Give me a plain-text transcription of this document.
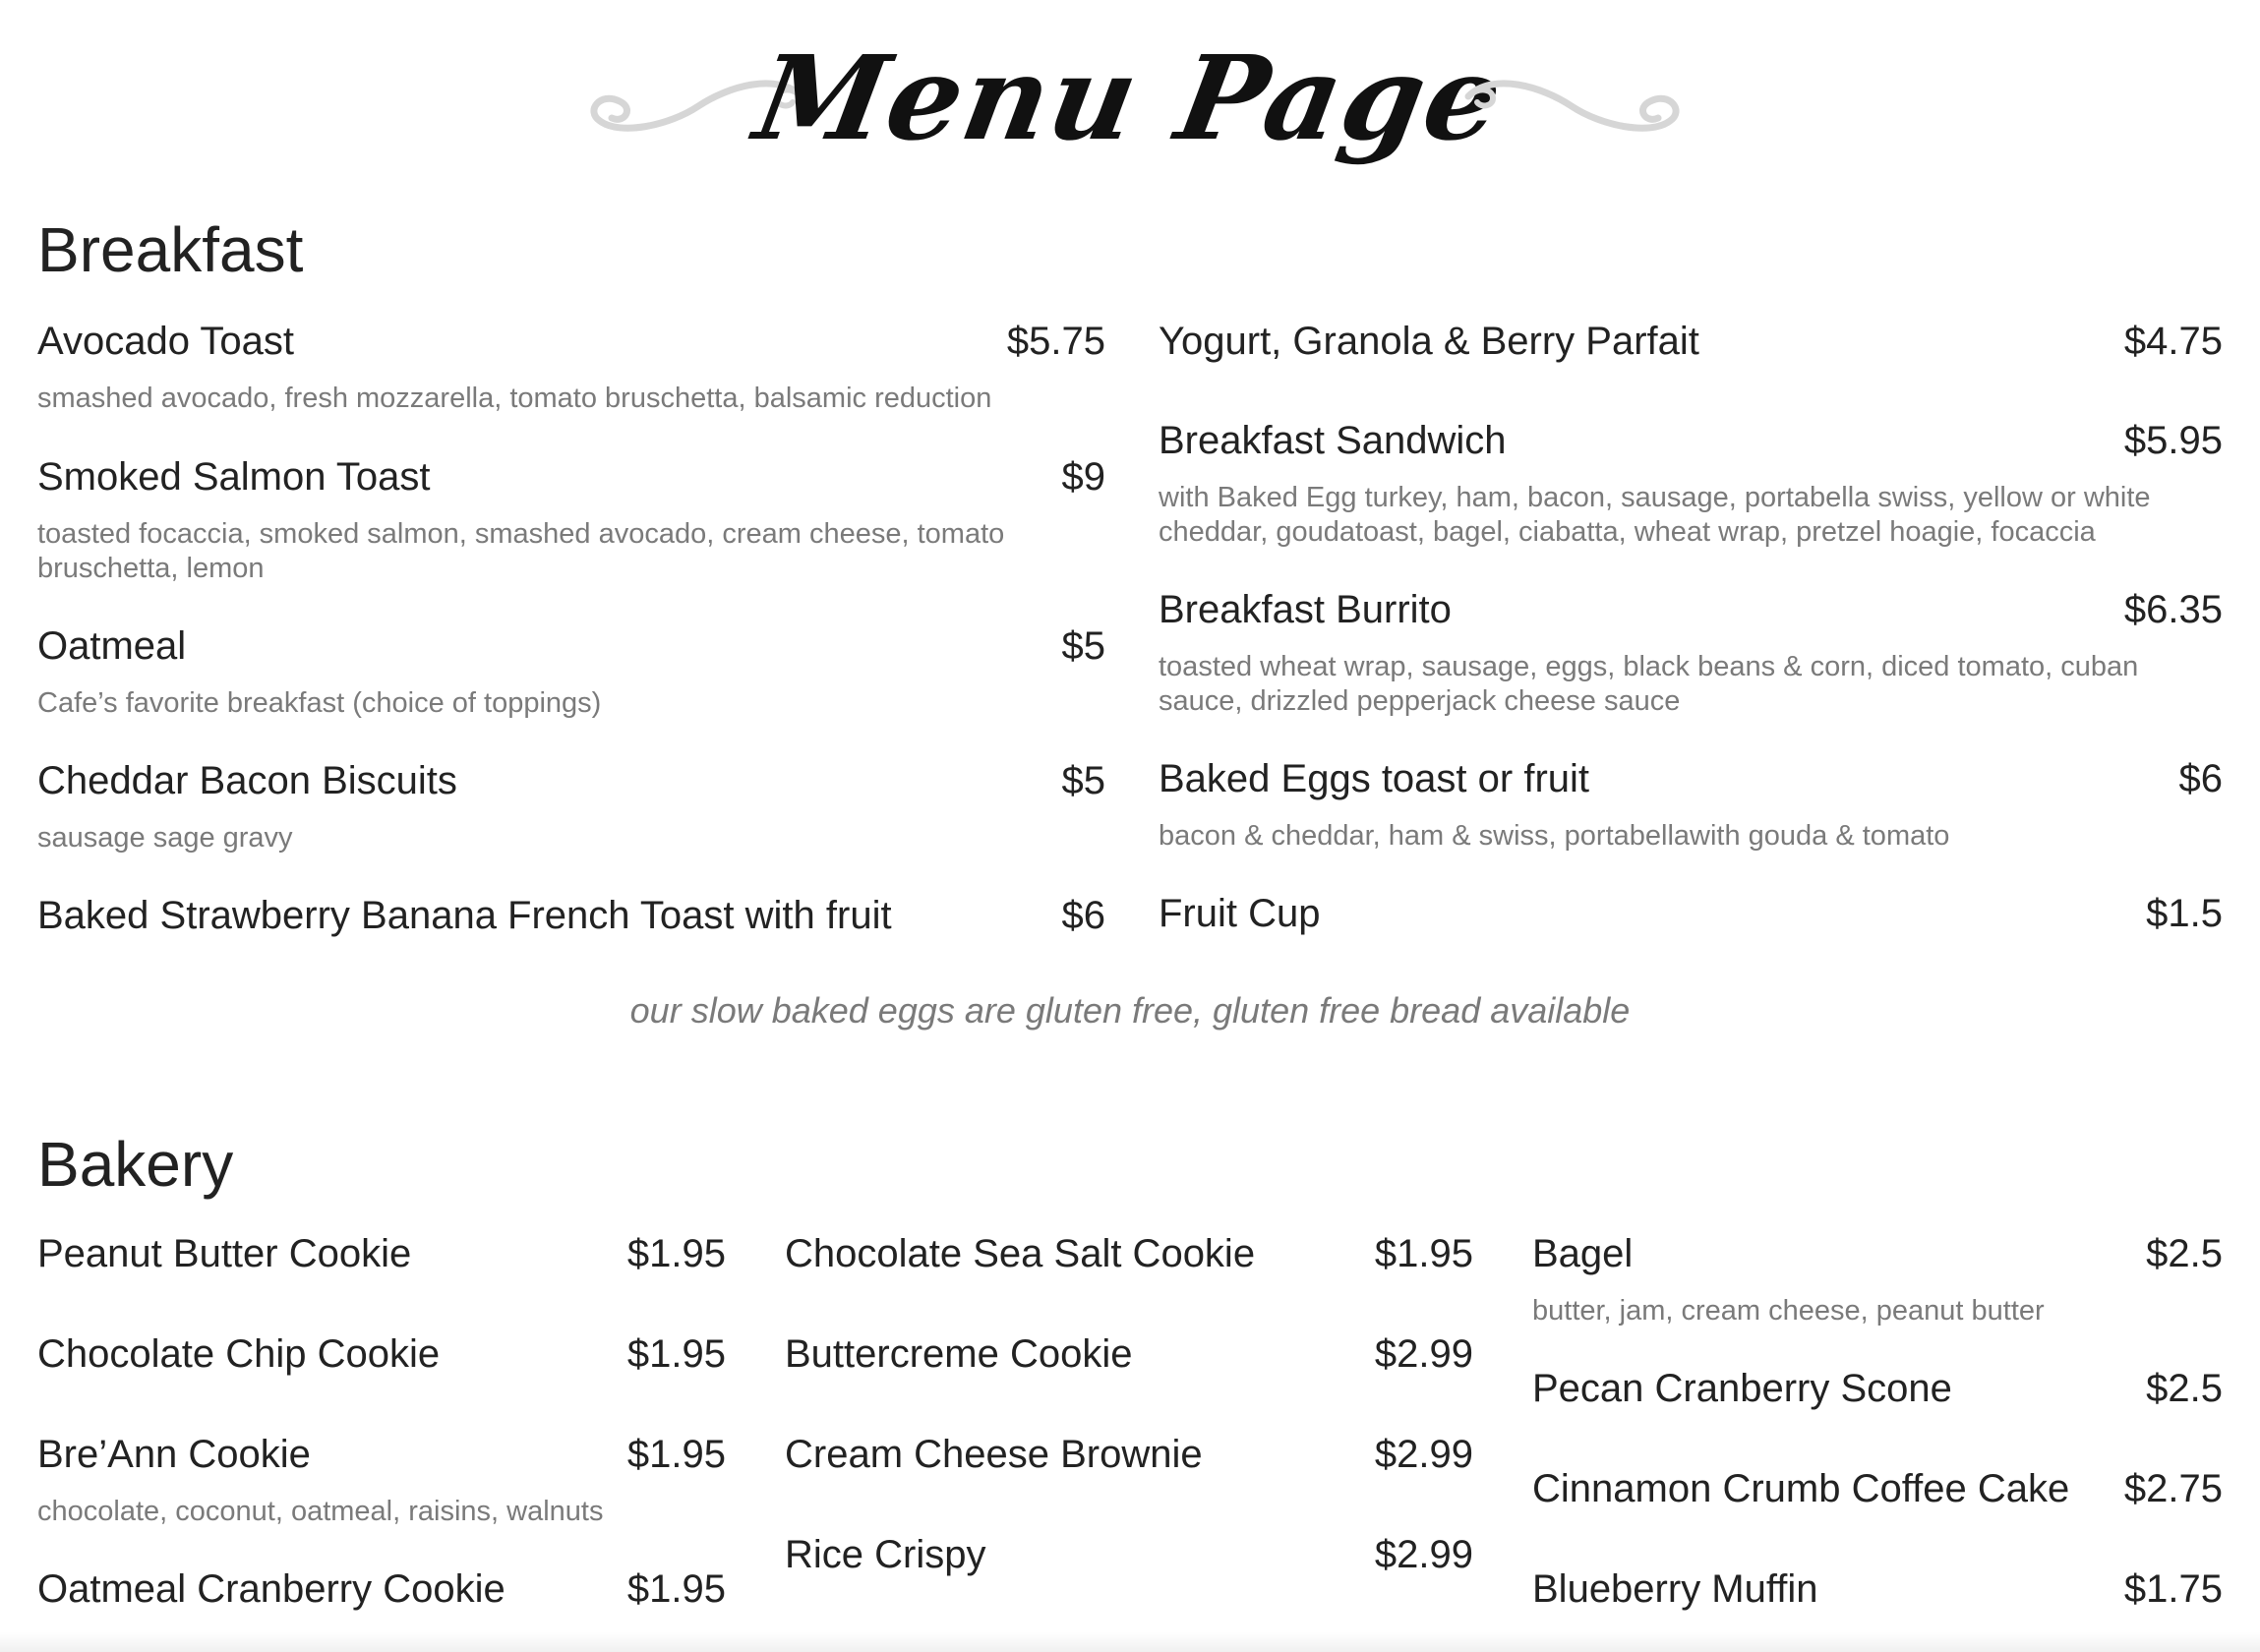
Menu Page
Breakfast
Avocado Toast	$5.75
smashed avocado, fresh mozzarella, tomato bruschetta, balsamic reduction
Smoked Salmon Toast	$9
toasted focaccia, smoked salmon, smashed avocado, cream cheese, tomato bruschetta, lemon
Oatmeal	$5
Cafe’s favorite breakfast (choice of toppings)
Cheddar Bacon Biscuits	$5
sausage sage gravy
Baked Strawberry Banana French Toast with fruit	$6
Yogurt, Granola & Berry Parfait	$4.75
Breakfast Sandwich	$5.95
with Baked Egg turkey, ham, bacon, sausage, portabella swiss, yellow or white cheddar, goudatoast, bagel, ciabatta, wheat wrap, pretzel hoagie, focaccia
Breakfast Burrito	$6.35
toasted wheat wrap, sausage, eggs, black beans & corn, diced tomato, cuban sauce, drizzled pepperjack cheese sauce
Baked Eggs toast or fruit	$6
bacon & cheddar, ham & swiss, portabellawith gouda & tomato
Fruit Cup	$1.5
our slow baked eggs are gluten free, gluten free bread available
Bakery
Peanut Butter Cookie	$1.95
Chocolate Chip Cookie	$1.95
Bre’Ann Cookie	$1.95
chocolate, coconut, oatmeal, raisins, walnuts
Oatmeal Cranberry Cookie	$1.95
Chocolate Sea Salt Cookie	$1.95
Buttercreme Cookie	$2.99
Cream Cheese Brownie	$2.99
Rice Crispy	$2.99
Bagel	$2.5
butter, jam, cream cheese, peanut butter
Pecan Cranberry Scone	$2.5
Cinnamon Crumb Coffee Cake $2.75
Blueberry Muffin	$1.75
